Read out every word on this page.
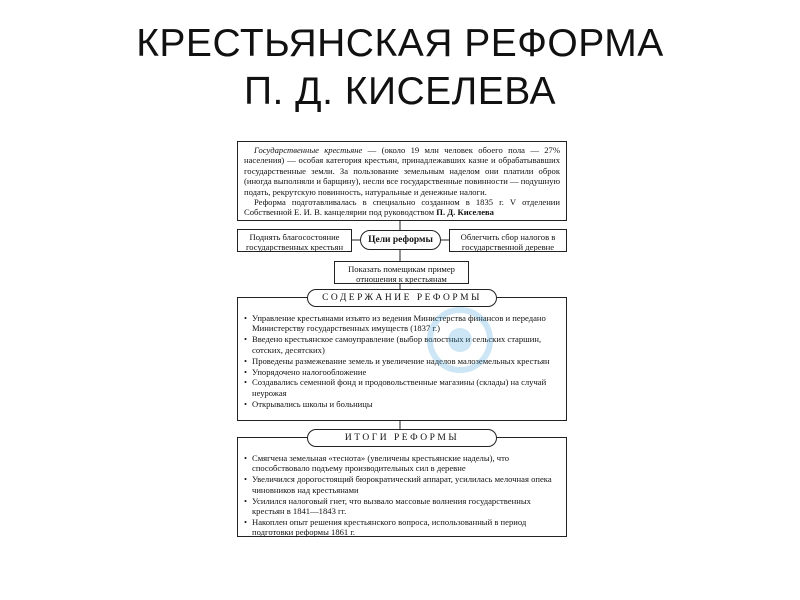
КРЕСТЬЯНСКАЯ РЕФОРМА
П. Д. КИСЕЛЕВА

Государственные крестьяне — (около 19 млн человек обоего пола — 27% населения) — особая категория крестьян, принадлежавших казне и обрабатывавших государственные земли. За пользование земельным наделом они платили оброк (иногда выполняли и барщину), несли все государственные повинности — подушную подать, рекрутскую повинность, натуральные и денежные налоги.

Реформа подготавливалась в специально созданном в 1835 г. V отделении Собственной Е. И. В. канцелярии под руководством П. Д. Киселева

Поднять благосостояние государственных крестьян
Цели реформы	Облегчить сбор налогов в государственной деревне
Показать помещикам пример отношения к крестьянам
• Управление крестьянами изъято из ведения Министерства финансов и передано Министерству государственных имуществ (1837 г.)
• Введено крестьянское самоуправление (выбор волостных и сельских старшин, сотских, десятских)
• Проведены размежевание земель и увеличение наделов малоземельных крестьян
• Упорядочено налогообложение
• Создавались семенной фонд и продовольственные магазины (склады) на случай неурожая
• Открывались школы и больницы
СОДЕРЖАНИЕ РЕФОРМЫ
• Смягчена земельная «теснота» (увеличены крестьянские наделы), что способствовало подъему производительных сил в деревне
• Увеличился дорогостоящий бюрократический аппарат, усилилась мелочная опека чиновников над крестьянами
• Усилился налоговый гнет, что вызвало массовые волнения государственных крестьян в 1841—1843 гг.
• Накоплен опыт решения крестьянского вопроса, использованный в период подготовки реформы 1861 г.
ИТОГИ РЕФОРМЫ
